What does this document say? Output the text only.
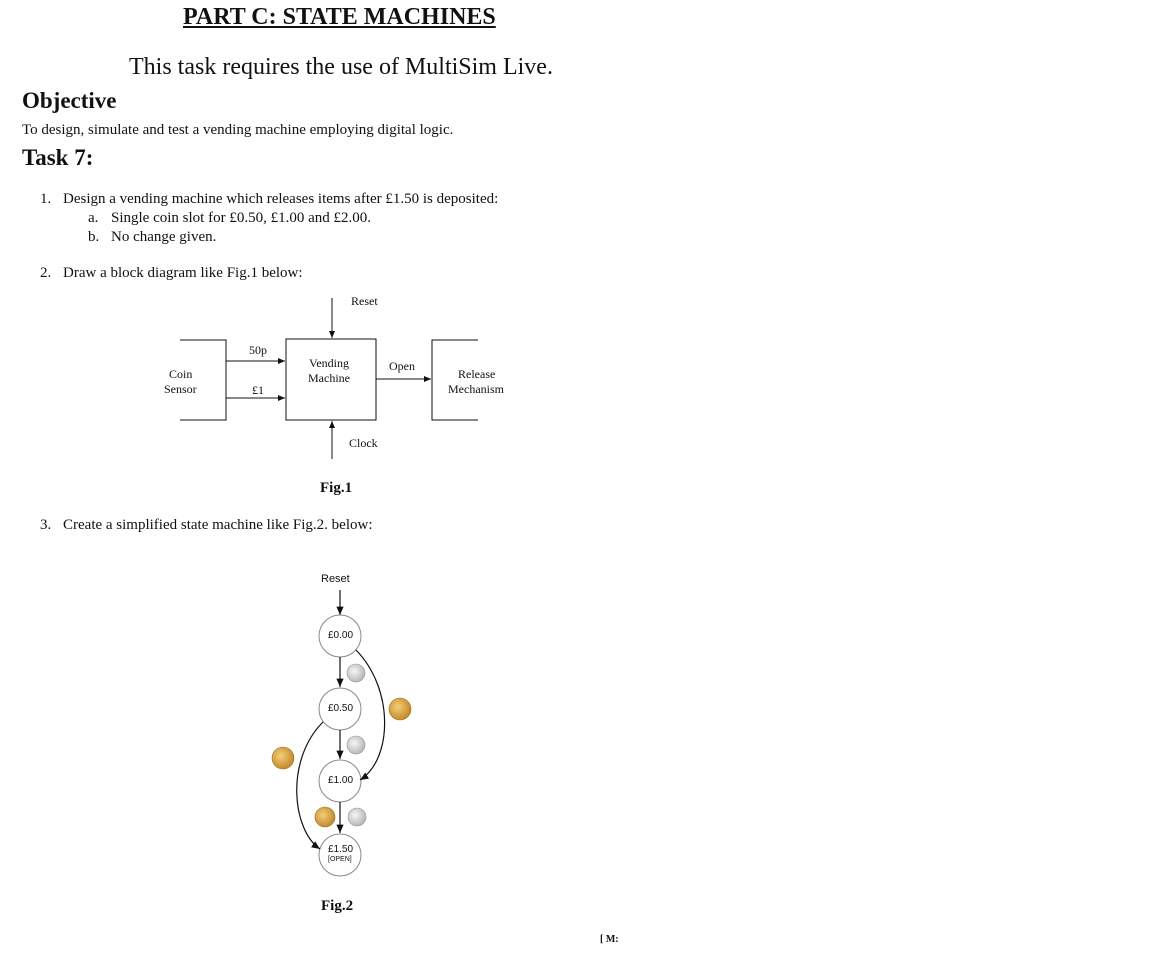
PART C: STATE MACHINES
This task requires the use of MultiSim Live.
Objective
To design, simulate and test a vending machine employing digital logic.
Task 7:
1. Design a vending machine which releases items after £1.50 is deposited:
a. Single coin slot for £0.50, £1.00 and £2.00.
b. No change given.
2. Draw a block diagram like Fig.1 below:
Reset
50p
£1
Coin
Sensor
Vending
Machine
Open
Release
Mechanism
Clock
Fig.1
3. Create a simplified state machine like Fig.2. below:
Reset
£0.00
£0.50
£1.00
£1.50
[OPEN]
Fig.2
[ M:
